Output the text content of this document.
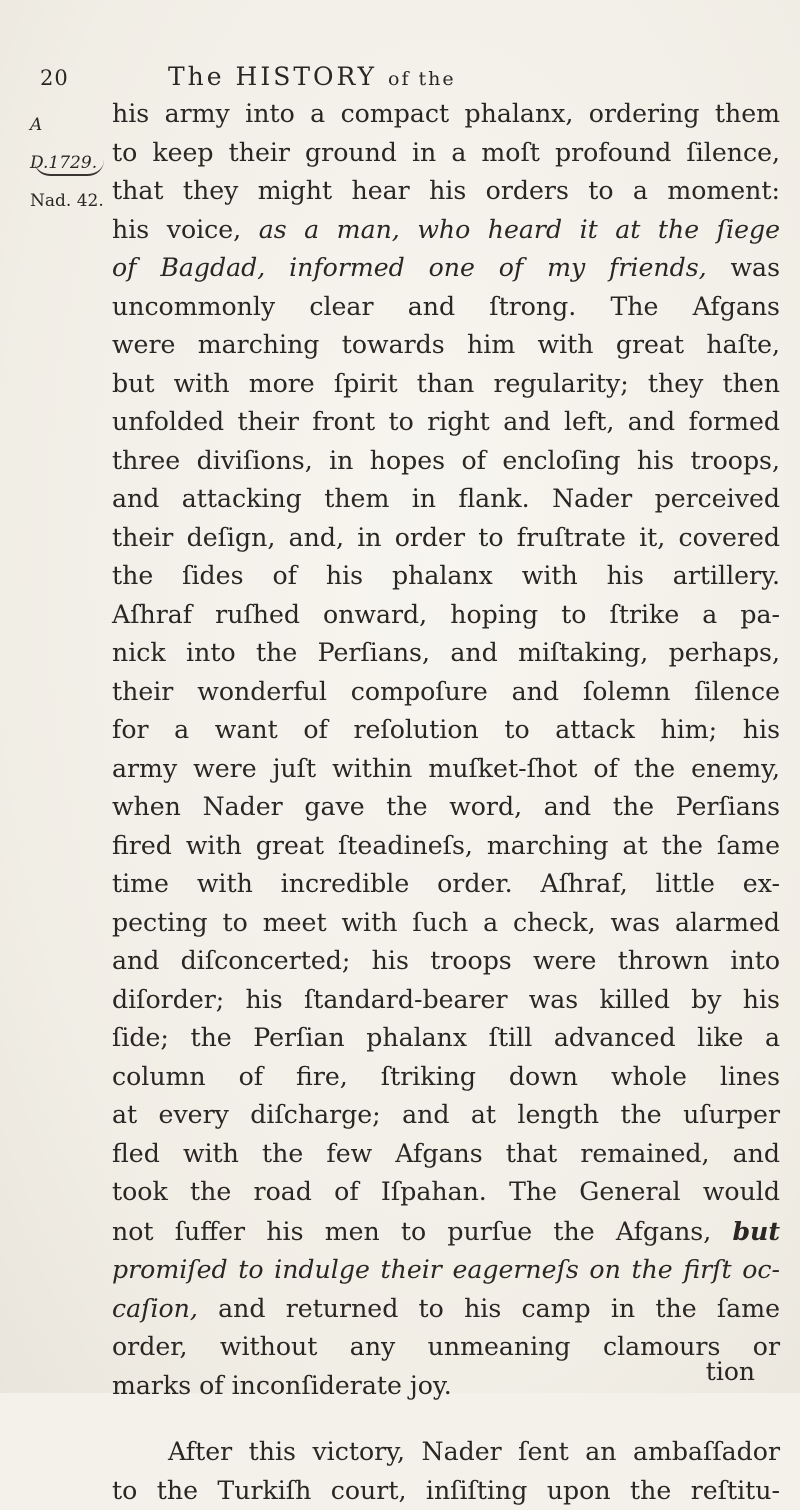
20	The HISTORY of the
A D.1729.
Nad. 42.
his army into a compact phalanx, ordering them
to keep their ground in a moſt profound ſilence,
that they might hear his orders to a moment:
his voice, as a man, who heard it at the ſiege
of Bagdad, informed one of my friends, was
uncommonly clear and ſtrong. The Afgans
were marching towards him with great haſte,
but with more ſpirit than regularity; they then
unfolded their front to right and left, and formed
three diviſions, in hopes of encloſing his troops,
and attacking them in flank. Nader perceived
their deſign, and, in order to fruſtrate it, covered
the ſides of his phalanx with his artillery.
Aſhraf ruſhed onward, hoping to ſtrike a pa-
nick into the Perſians, and miſtaking, perhaps,
their wonderful compoſure and ſolemn ſilence
for a want of reſolution to attack him; his
army were juſt within muſket-ſhot of the enemy,
when Nader gave the word, and the Perſians
fired with great ſteadineſs, marching at the ſame
time with incredible order. Aſhraf, little ex-
pecting to meet with ſuch a check, was alarmed
and diſconcerted; his troops were thrown into
diſorder; his ſtandard-bearer was killed by his
ſide; the Perſian phalanx ſtill advanced like a
column of fire, ſtriking down whole lines
at every diſcharge; and at length the uſurper
fled with the few Afgans that remained, and
took the road of Iſpahan. The General would
not ſuffer his men to purſue the Afgans, but
promiſed to indulge their eagerneſs on the firſt oc-
caſion, and returned to his camp in the ſame
order, without any unmeaning clamours or
marks of inconſiderate joy.
After this victory, Nader ſent an ambaſſador
to the Turkiſh court, inſiſting upon the reſtitu-
tion
